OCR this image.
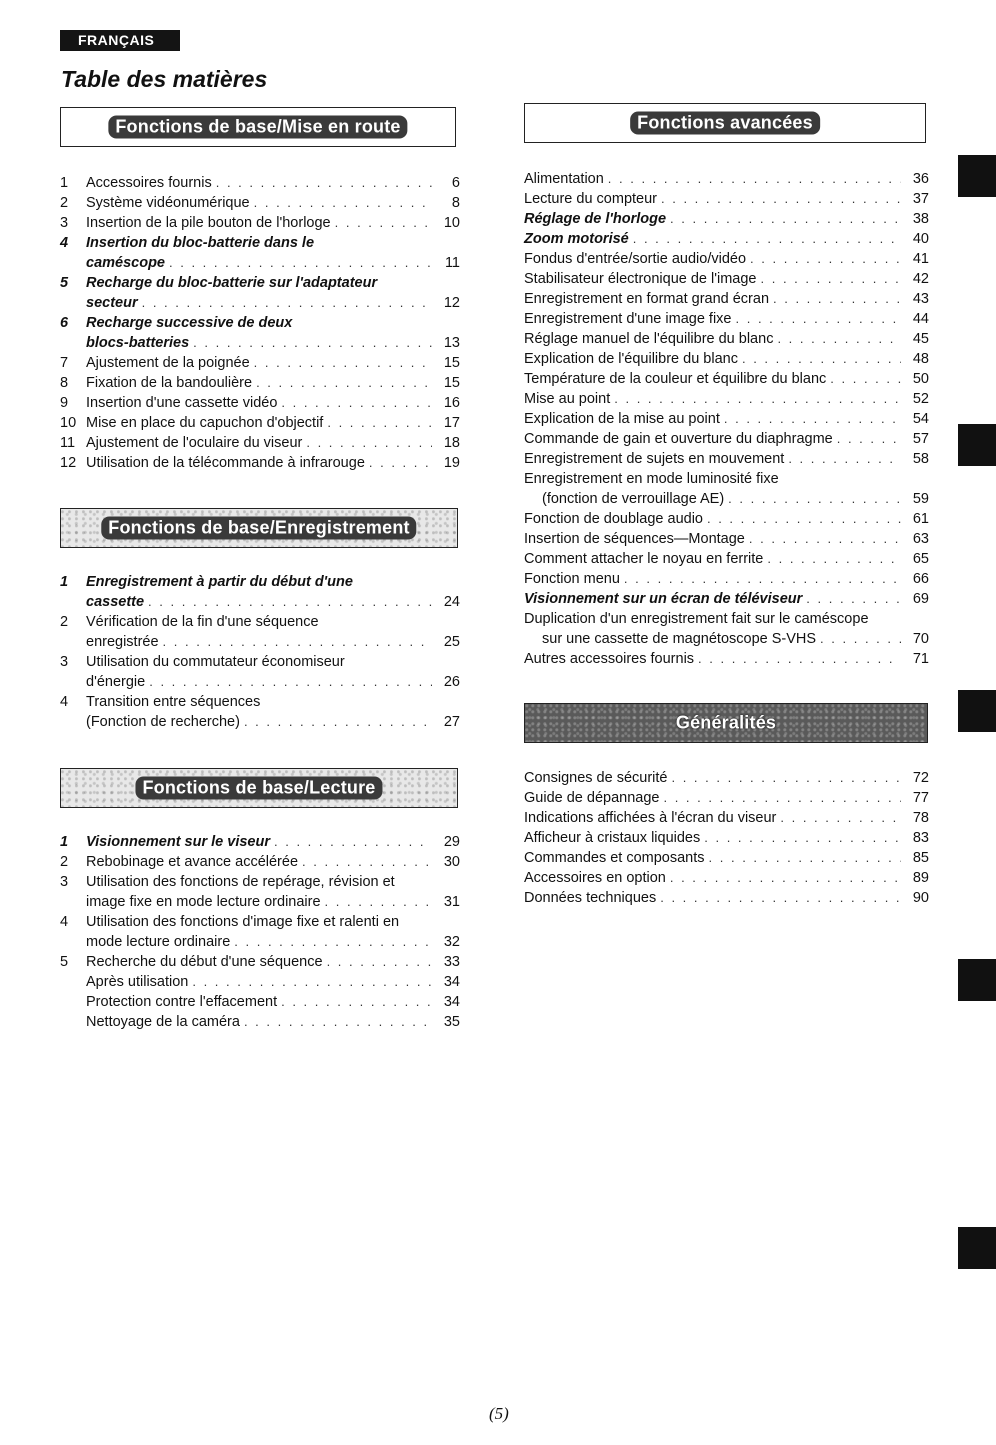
FRANÇAIS
Table des matières
Fonctions de base/Mise en route
1	Accessoires fournis . . .	6
2	Système vidéonumérique . . .	8
3	Insertion de la pile bouton de l'horloge . . .	10
4	Insertion du bloc-batterie dans le
caméscope . . .	11
5	Recharge du bloc-batterie sur l'adaptateur
secteur . . .	12
6	Recharge successive de deux
blocs-batteries . . .	13
7	Ajustement de la poignée . . .	15
8	Fixation de la bandoulière . . .	15
9	Insertion d'une cassette vidéo . . .	16
10 Mise en place du capuchon d'objectif . . .	17
11 Ajustement de l'oculaire du viseur . . .	18
12 Utilisation de la télécommande à infrarouge . . .	19
Fonctions de base/Enregistrement
1	Enregistrement à partir du début d'une
cassette . . .	24
2	Vérification de la fin d'une séquence
enregistrée . . .	25
3	Utilisation du commutateur économiseur
d'énergie . . .	26
4	Transition entre séquences
(Fonction de recherche) . . .	27
Fonctions de base/Lecture
1	Visionnement sur le viseur . . .	29
2	Rebobinage et avance accélérée . . .	30
3	Utilisation des fonctions de repérage, révision et
image fixe en mode lecture ordinaire . . .	31
4	Utilisation des fonctions d'image fixe et ralenti en
mode lecture ordinaire . . .	32
5	Recherche du début d'une séquence . . .	33
Après utilisation . . .	34
Protection contre l'effacement . . .	34
Nettoyage de la caméra . . .	35
Fonctions avancées
Alimentation . . .	36
Lecture du compteur . . .	37
Réglage de l'horloge . . .	38
Zoom motorisé . . .	40
Fondus d'entrée/sortie audio/vidéo . . .	41
Stabilisateur électronique de l'image . . .	42
Enregistrement en format grand écran . . .	43
Enregistrement d'une image fixe . . .	44
Réglage manuel de l'équilibre du blanc . . .	45
Explication de l'équilibre du blanc . . .	48
Température de la couleur et équilibre du blanc . . .	50
Mise au point . . .	52
Explication de la mise au point . . .	54
Commande de gain et ouverture du diaphragme . . .	57
Enregistrement de sujets en mouvement . . .	58
Enregistrement en mode luminosité fixe
(fonction de verrouillage AE) . . .	59
Fonction de doublage audio . . .	61
Insertion de séquences—Montage . . .	63
Comment attacher le noyau en ferrite . . .	65
Fonction menu . . .	66
Visionnement sur un écran de téléviseur . . .	69
Duplication d'un enregistrement fait sur le caméscope
sur une cassette de magnétoscope S-VHS . . .	70
Autres accessoires fournis . . .	71
Généralités
Consignes de sécurité . . .	72
Guide de dépannage . . .	77
Indications affichées à l'écran du viseur . . .	78
Afficheur à cristaux liquides . . .	83
Commandes et composants . . .	85
Accessoires en option . . .	89
Données techniques . . .	90
(5)
